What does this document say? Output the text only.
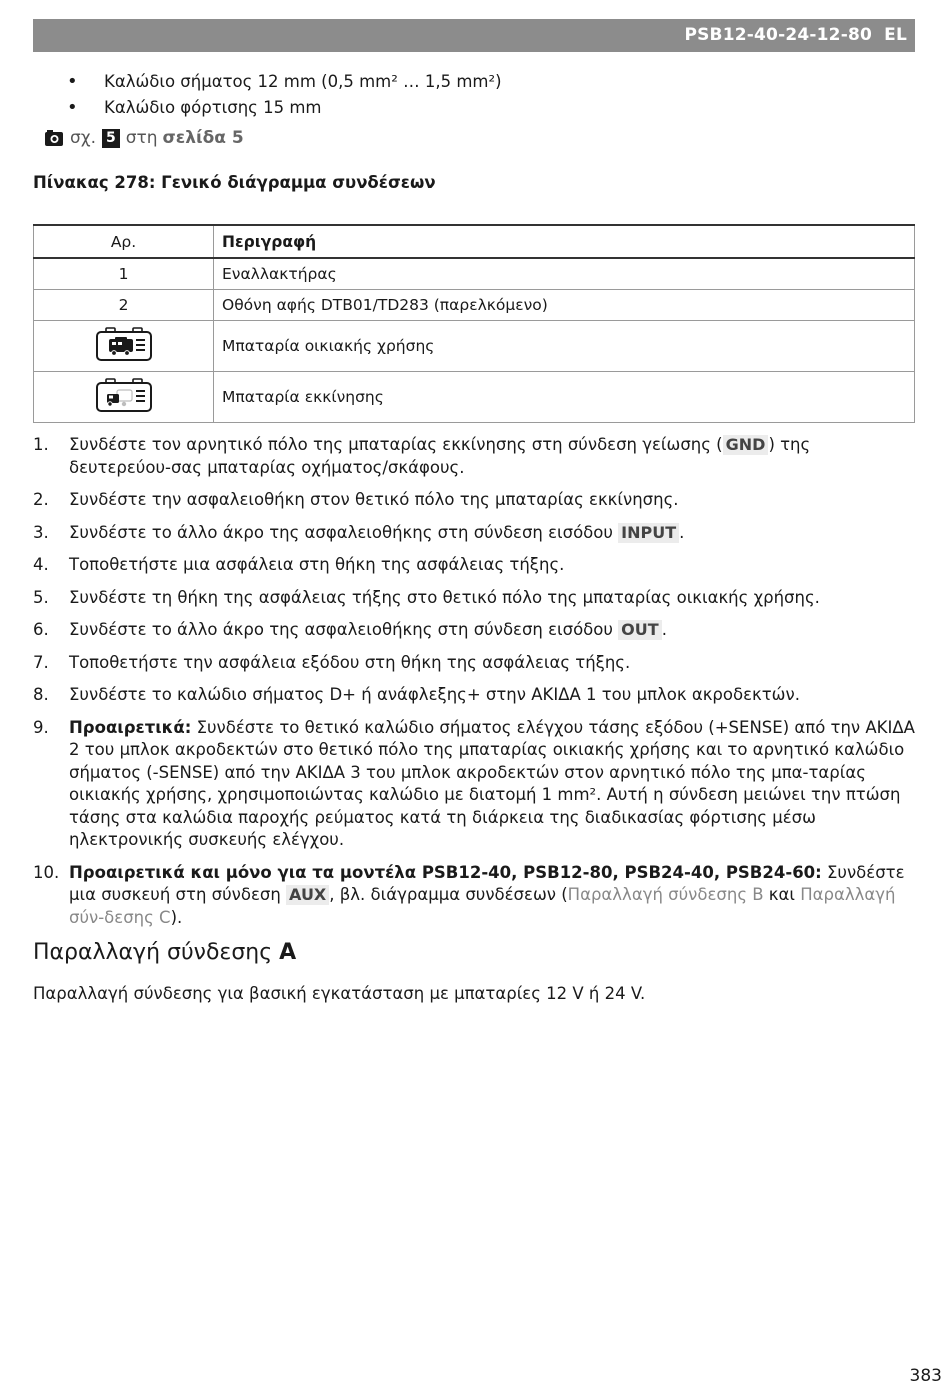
PSB12-40-24-12-80 EL
• Καλώδιο σήματος 12 mm (0,5 mm² … 1,5 mm²)
• Καλώδιο φόρτισης 15 mm
σχ. 5 στη σελίδα 5
Πίνακας 278: Γενικό διάγραμμα συνδέσεων
Αρ.	Περιγραφή
1	Εναλλακτήρας
2	Οθόνη αφής DTB01/TD283 (παρελκόμενο)
	Μπαταρία οικιακής χρήσης
	Μπαταρία εκκίνησης
1. Συνδέστε τον αρνητικό πόλο της μπαταρίας εκκίνησης στη σύνδεση γείωσης ( GND ) της δευτερεύου-σας μπαταρίας οχήματος/σκάφους.
2. Συνδέστε την ασφαλειοθήκη στον θετικό πόλο της μπαταρίας εκκίνησης.
3. Συνδέστε το άλλο άκρο της ασφαλειοθήκης στη σύνδεση εισόδου INPUT .
4. Τοποθετήστε μια ασφάλεια στη θήκη της ασφάλειας τήξης.
5. Συνδέστε τη θήκη της ασφάλειας τήξης στο θετικό πόλο της μπαταρίας οικιακής χρήσης.
6. Συνδέστε το άλλο άκρο της ασφαλειοθήκης στη σύνδεση εισόδου OUT .
7. Τοποθετήστε την ασφάλεια εξόδου στη θήκη της ασφάλειας τήξης.
8. Συνδέστε το καλώδιο σήματος D+ ή ανάφλεξης+ στην ΑΚΙΔΑ 1 του μπλοκ ακροδεκτών.
9. Προαιρετικά: Συνδέστε το θετικό καλώδιο σήματος ελέγχου τάσης εξόδου (+SENSE) από την ΑΚΙΔΑ 2 του μπλοκ ακροδεκτών στο θετικό πόλο της μπαταρίας οικιακής χρήσης και το αρνητικό καλώδιο σήματος (-SENSE) από την ΑΚΙΔΑ 3 του μπλοκ ακροδεκτών στον αρνητικό πόλο της μπα-ταρίας οικιακής χρήσης, χρησιμοποιώντας καλώδιο με διατομή 1 mm². Αυτή η σύνδεση μειώνει την πτώση τάσης στα καλώδια παροχής ρεύματος κατά τη διάρκεια της διαδικασίας φόρτισης μέσω ηλεκτρονικής συσκευής ελέγχου.
10. Προαιρετικά και μόνο για τα μοντέλα PSB12-40, PSB12-80, PSB24-40, PSB24-60: Συνδέστε μια συσκευή στη σύνδεση AUX , βλ. διάγραμμα συνδέσεων (Παραλλαγή σύνδεσης B και Παραλλαγή σύν-δεσης C).
Παραλλαγή σύνδεσης A
Παραλλαγή σύνδεσης για βασική εγκατάσταση με μπαταρίες 12 V ή 24 V.
383
